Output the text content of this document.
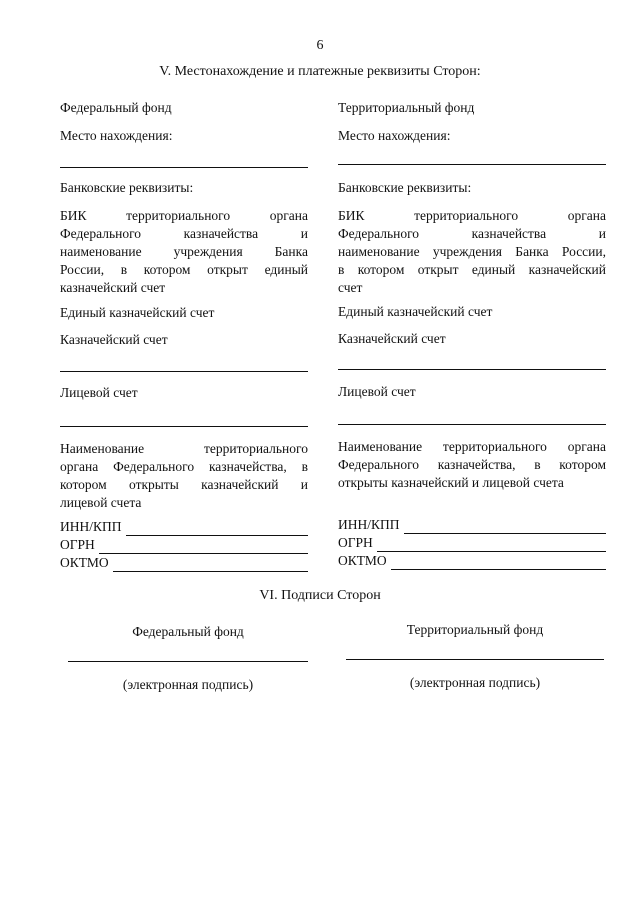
6
V. Местонахождение и платежные реквизиты Сторон:
Федеральный фонд
Место нахождения:
Банковские реквизиты:
БИК территориального органа
Федерального казначейства и
наименование учреждения Банка
России, в котором открыт единый
казначейский счет
Единый казначейский счет
Казначейский счет
Лицевой счет
Наименование территориального
органа Федерального казначейства, в
котором открыты казначейский и
лицевой счета
ИНН/КПП
ОГРН
ОКТМО
Территориальный фонд
Место нахождения:
Банковские реквизиты:
БИК территориального органа
Федерального казначейства и
наименование учреждения Банка России,
в котором открыт единый казначейский
счет
Единый казначейский счет
Казначейский счет
Лицевой счет
Наименование территориального органа
Федерального казначейства, в котором
открыты казначейский и лицевой счета
ИНН/КПП
ОГРН
ОКТМО
VI. Подписи Сторон
Федеральный фонд	Территориальный фонд
(электронная подпись)	(электронная подпись)
